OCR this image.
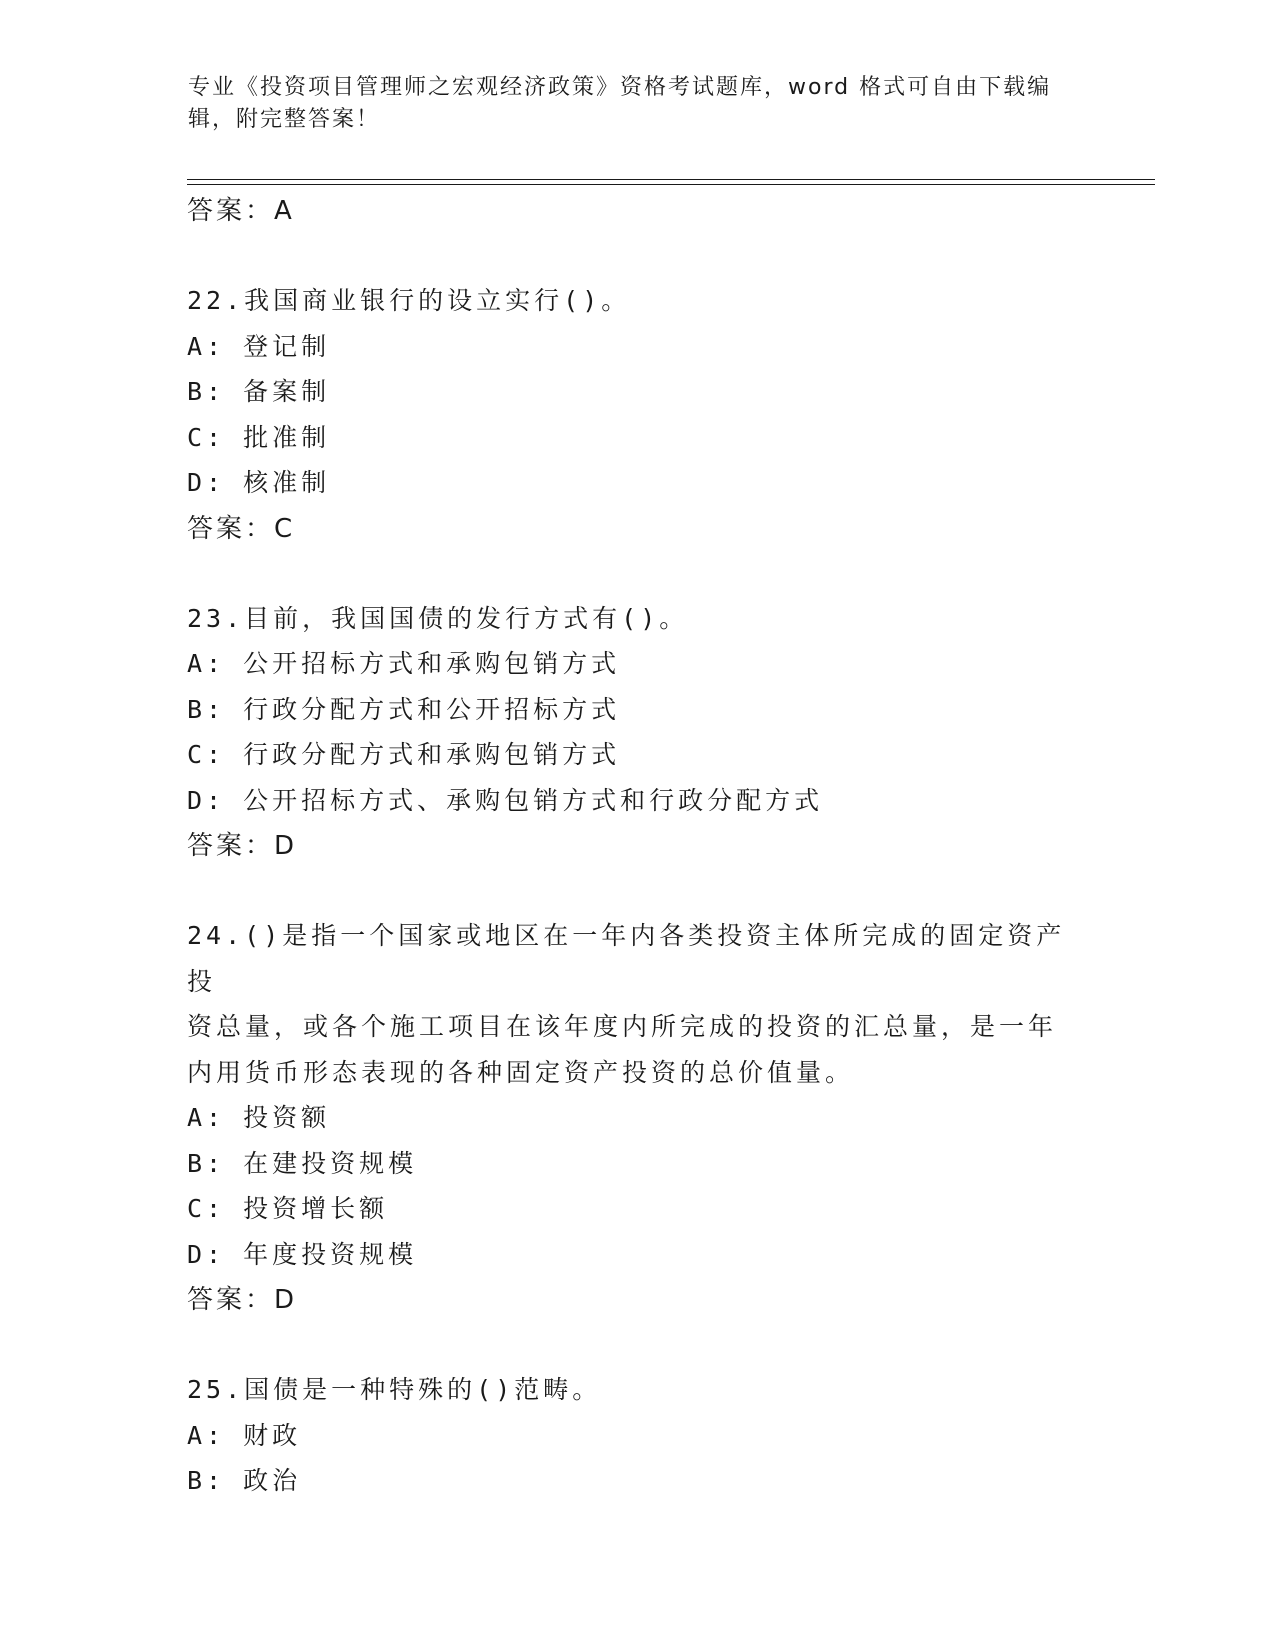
专业《投资项目管理师之宏观经济政策》资格考试题库，word 格式可自由下载编
辑，附完整答案！
答案：A
22.我国商业银行的设立实行()。
A: 登记制
B: 备案制
C: 批准制
D: 核准制
答案：C
23.目前，我国国债的发行方式有()。
A: 公开招标方式和承购包销方式
B: 行政分配方式和公开招标方式
C: 行政分配方式和承购包销方式
D: 公开招标方式、承购包销方式和行政分配方式
答案：D
24.()是指一个国家或地区在一年内各类投资主体所完成的固定资产投
资总量，或各个施工项目在该年度内所完成的投资的汇总量，是一年
内用货币形态表现的各种固定资产投资的总价值量。
A: 投资额
B: 在建投资规模
C: 投资增长额
D: 年度投资规模
答案：D
25.国债是一种特殊的()范畴。
A: 财政
B: 政治
